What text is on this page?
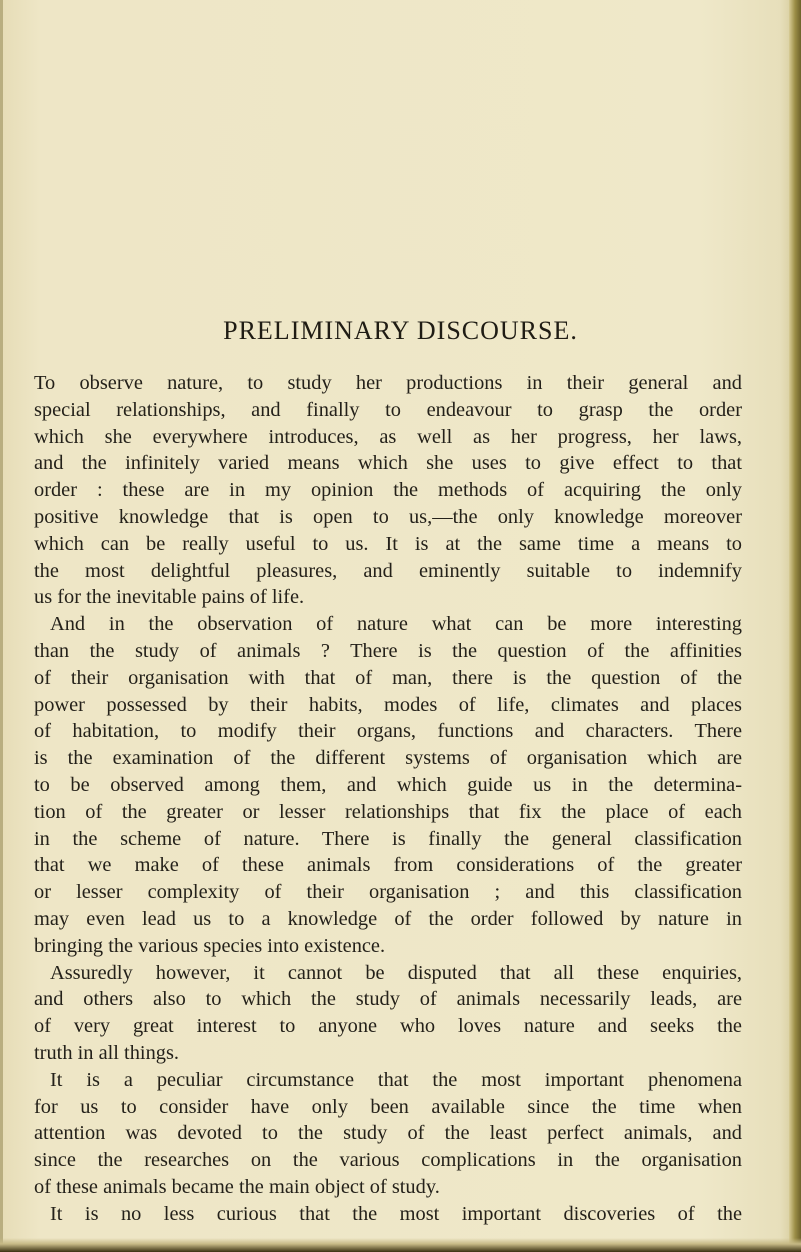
PRELIMINARY DISCOURSE.
To observe nature, to study her productions in their general and
special relationships, and finally to endeavour to grasp the order
which she everywhere introduces, as well as her progress, her laws,
and the infinitely varied means which she uses to give effect to that
order : these are in my opinion the methods of acquiring the only
positive knowledge that is open to us,—the only knowledge moreover
which can be really useful to us. It is at the same time a means to
the most delightful pleasures, and eminently suitable to indemnify
us for the inevitable pains of life.
And in the observation of nature what can be more interesting
than the study of animals ? There is the question of the affinities
of their organisation with that of man, there is the question of the
power possessed by their habits, modes of life, climates and places
of habitation, to modify their organs, functions and characters. There
is the examination of the different systems of organisation which are
to be observed among them, and which guide us in the determina-
tion of the greater or lesser relationships that fix the place of each
in the scheme of nature. There is finally the general classification
that we make of these animals from considerations of the greater
or lesser complexity of their organisation ; and this classification
may even lead us to a knowledge of the order followed by nature in
bringing the various species into existence.
Assuredly however, it cannot be disputed that all these enquiries,
and others also to which the study of animals necessarily leads, are
of very great interest to anyone who loves nature and seeks the
truth in all things.
It is a peculiar circumstance that the most important phenomena
for us to consider have only been available since the time when
attention was devoted to the study of the least perfect animals, and
since the researches on the various complications in the organisation
of these animals became the main object of study.
It is no less curious that the most important discoveries of the
